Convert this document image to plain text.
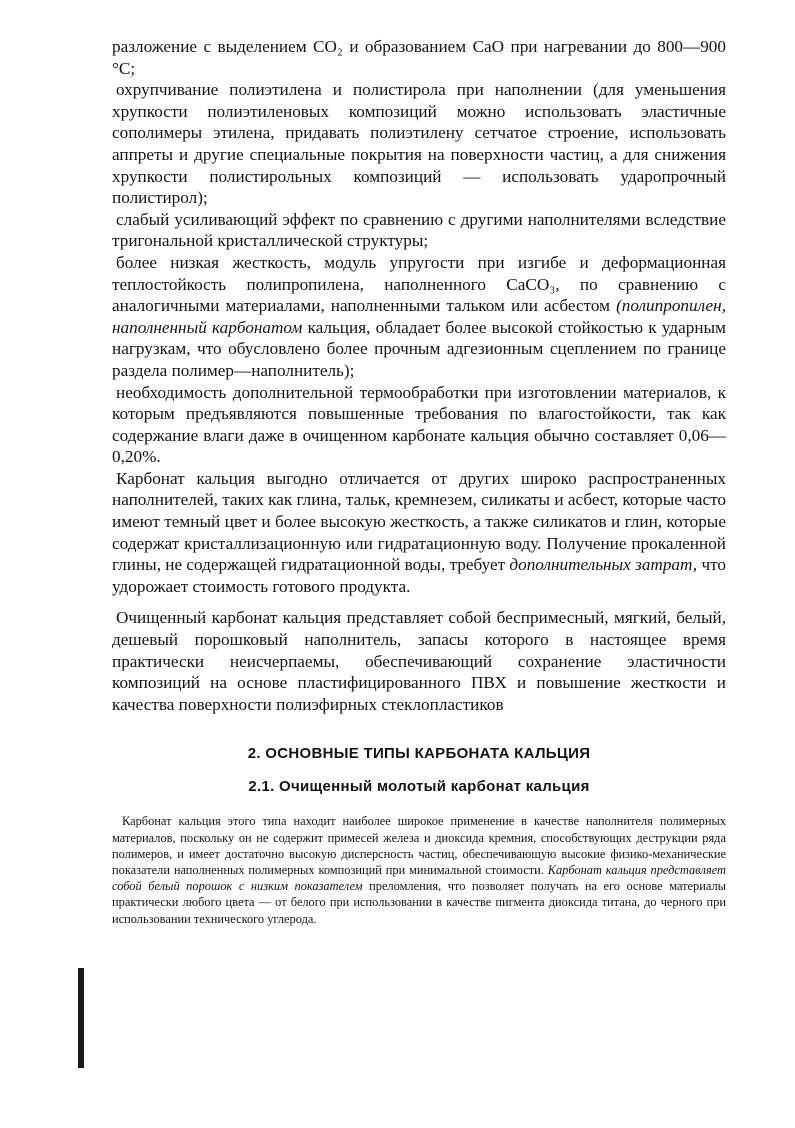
разложение с выделением CO₂ и образованием CaO при нагревании до 800—900 °C;

охрупчивание полиэтилена и полистирола при наполнении (для уменьшения хрупкости полиэтиленовых композиций можно использовать эластичные сополимеры этилена, придавать полиэтилену сетчатое строение, использовать аппреты и другие специальные покрытия на поверхности частиц, а для снижения хрупкости полистирольных композиций — использовать ударопрочный полистирол);

слабый усиливающий эффект по сравнению с другими наполнителями вследствие тригональной кристаллической структуры;

более низкая жесткость, модуль упругости при изгибе и деформационная теплостойкость полипропилена, наполненного CaCO₃, по сравнению с аналогичными материалами, наполненными тальком или асбестом (полипропилен, наполненный карбонатом кальция, обладает более высокой стойкостью к ударным нагрузкам, что обусловлено более прочным адгезионным сцеплением по границе раздела полимер—наполнитель);

необходимость дополнительной термообработки при изготовлении материалов, к которым предъявляются повышенные требования по влагостойкости, так как содержание влаги даже в очищенном карбонате кальция обычно составляет 0,06—0,20%.

Карбонат кальция выгодно отличается от других широко распространенных наполнителей, таких как глина, тальк, кремнезем, силикаты и асбест, которые часто имеют темный цвет и более высокую жесткость, а также силикатов и глин, которые содержат кристаллизационную или гидратационную воду. Получение прокаленной глины, не содержащей гидратационной воды, требует дополнительных затрат, что удорожает стоимость готового продукта.

Очищенный карбонат кальция представляет собой беспримесный, мягкий, белый, дешевый порошковый наполнитель, запасы которого в настоящее время практически неисчерпаемы, обеспечивающий сохранение эластичности композиций на основе пластифицированного ПВХ и повышение жесткости и качества поверхности полиэфирных стеклопластиков

2. ОСНОВНЫЕ ТИПЫ КАРБОНАТА КАЛЬЦИЯ

2.1. Очищенный молотый карбонат кальция

Карбонат кальция этого типа находит наиболее широкое применение в качестве наполнителя полимерных материалов, поскольку он не содержит примесей железа и диоксида кремния, способствующих деструкции ряда полимеров, и имеет достаточно высокую дисперсность частиц, обеспечивающую высокие физико-механические показатели наполненных полимерных композиций при минимальной стоимости. Карбонат кальция представляет собой белый порошок с низким показателем преломления, что позволяет получать на его основе материалы практически любого цвета — от белого при использовании в качестве пигмента диоксида титана, до черного при использовании технического углерода.
